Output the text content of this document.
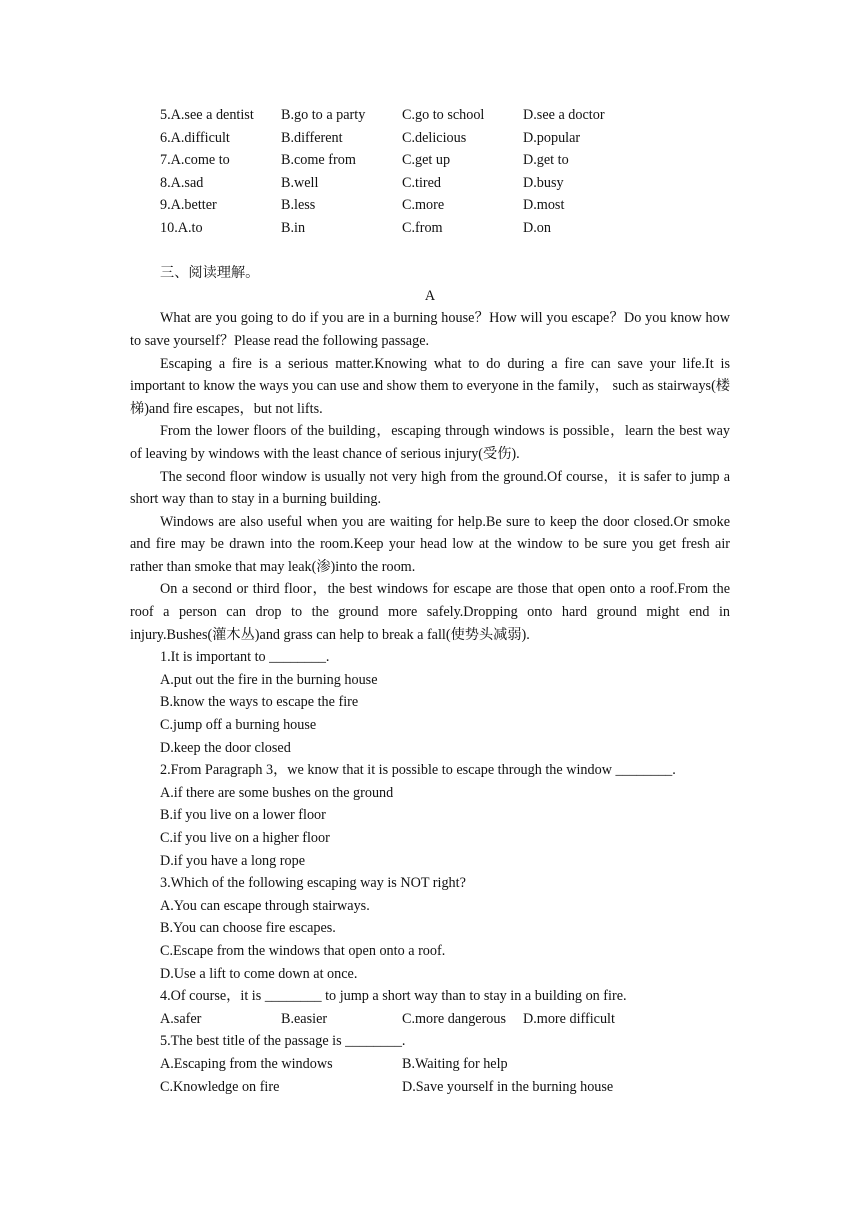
5.A.see a dentist	B.go to a party	C.go to school	D.see a doctor
6.A.difficult	B.different	C.delicious	D.popular
7.A.come to	B.come from	C.get up	D.get to
8.A.sad	B.well	C.tired	D.busy
9.A.better	B.less	C.more	D.most
10.A.to	B.in	C.from	D.on
三、阅读理解。
A
What are you going to do if you are in a burning house？How will you escape？Do you know how to save yourself？Please read the following passage.
Escaping a fire is a serious matter.Knowing what to do during a fire can save your life.It is important to know the ways you can use and show them to everyone in the family， such as stairways(楼梯)and fire escapes，but not lifts.
From the lower floors of the building，escaping through windows is possible，learn the best way of leaving by windows with the least chance of serious injury(受伤).
The second floor window is usually not very high from the ground.Of course，it is safer to jump a short way than to stay in a burning building.
Windows are also useful when you are waiting for help.Be sure to keep the door closed.Or smoke and fire may be drawn into the room.Keep your head low at the window to be sure you get fresh air rather than smoke that may leak(渗)into the room.
On a second or third floor，the best windows for escape are those that open onto a roof.From the roof a person can drop to the ground more safely.Dropping onto hard ground might end in injury.Bushes(灌木丛)and grass can help to break a fall(使势头减弱).
1.It is important to ________.
A.put out the fire in the burning house
B.know the ways to escape the fire
C.jump off a burning house
D.keep the door closed
2.From Paragraph 3，we know that it is possible to escape through the window ________.
A.if there are some bushes on the ground
B.if you live on a lower floor
C.if you live on a higher floor
D.if you have a long rope
3.Which of the following escaping way is NOT right?
A.You can escape through stairways.
B.You can choose fire escapes.
C.Escape from the windows that open onto a roof.
D.Use a lift to come down at once.
4.Of course，it is ________ to jump a short way than to stay in a building on fire.
A.safer	B.easier	C.more dangerous	D.more difficult
5.The best title of the passage is ________.
A.Escaping from the windows	B.Waiting for help
C.Knowledge on fire	D.Save yourself in the burning house
